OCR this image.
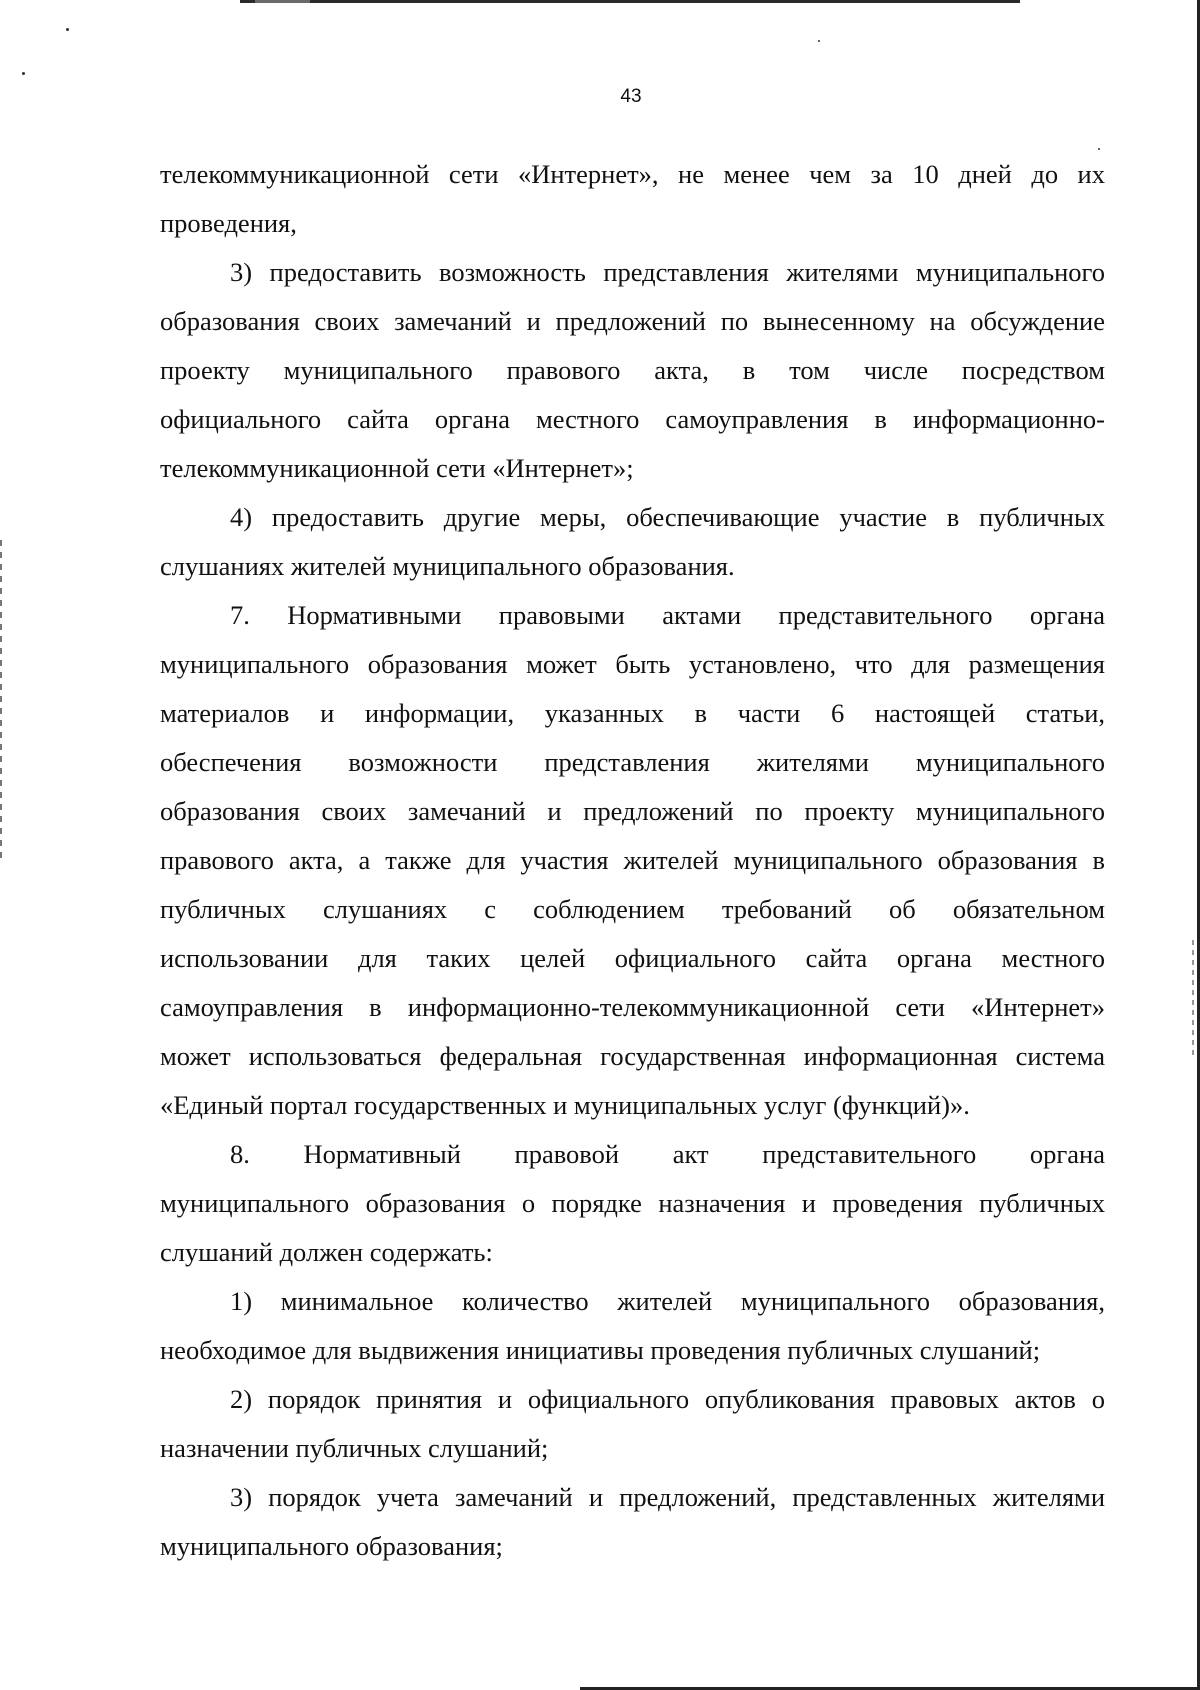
43

телекоммуникационной сети «Интернет», не менее чем за 10 дней до их
проведения,

3) предоставить возможность представления жителями муниципального
образования своих замечаний и предложений по вынесенному на обсуждение
проекту муниципального правового акта, в том числе посредством
официального сайта органа местного самоуправления в информационно-
телекоммуникационной сети «Интернет»;

4) предоставить другие меры, обеспечивающие участие в публичных
слушаниях жителей муниципального образования.

7. Нормативными правовыми актами представительного органа
муниципального образования может быть установлено, что для размещения
материалов и информации, указанных в части 6 настоящей статьи,
обеспечения возможности представления жителями муниципального
образования своих замечаний и предложений по проекту муниципального
правового акта, а также для участия жителей муниципального образования в
публичных слушаниях с соблюдением требований об обязательном
использовании для таких целей официального сайта органа местного
самоуправления в информационно-телекоммуникационной сети «Интернет»
может использоваться федеральная государственная информационная система
«Единый портал государственных и муниципальных услуг (функций)».

8. Нормативный правовой акт представительного органа
муниципального образования о порядке назначения и проведения публичных
слушаний должен содержать:

1) минимальное количество жителей муниципального образования,
необходимое для выдвижения инициативы проведения публичных слушаний;

2) порядок принятия и официального опубликования правовых актов о
назначении публичных слушаний;

3) порядок учета замечаний и предложений, представленных жителями
муниципального образования;
